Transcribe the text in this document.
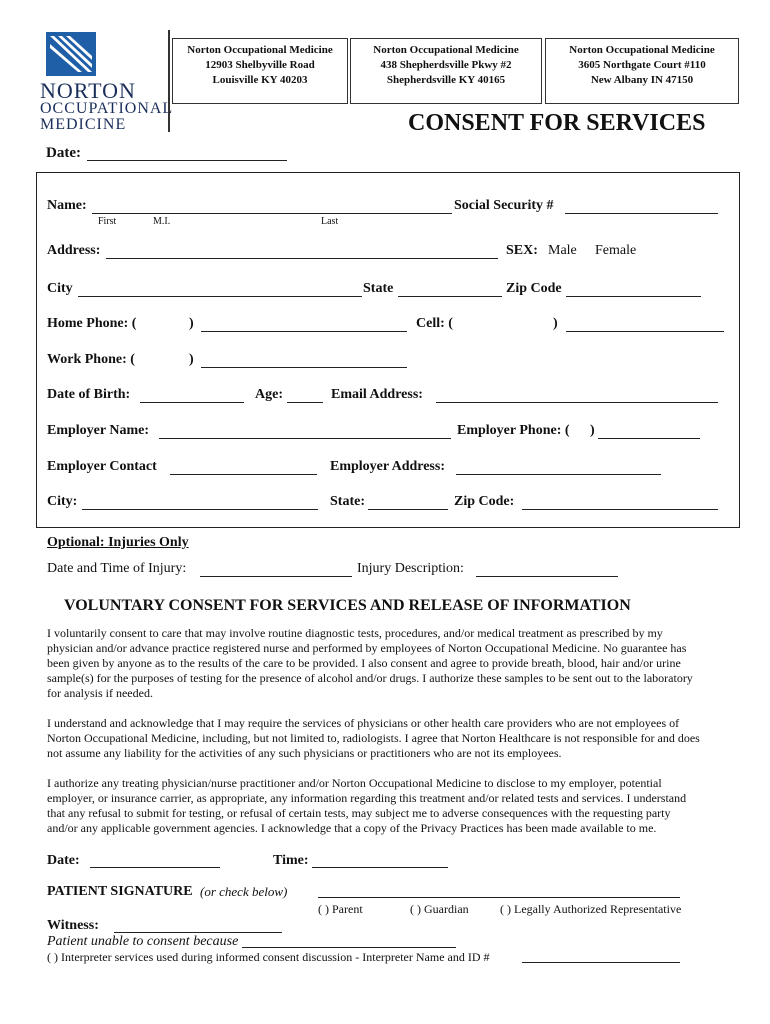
NORTON
OCCUPATIONAL
MEDICINE
Norton Occupational Medicine
12903 Shelbyville Road
Louisville KY 40203
Norton Occupational Medicine
438 Shepherdsville Pkwy #2
Shepherdsville KY 40165
Norton Occupational Medicine
3605 Northgate Court #110
New Albany IN 47150
CONSENT FOR SERVICES
Date:
Name:
First	M.I.	Last
Social Security #
Address:	SEX: Male Female
City	State	Zip Code
Home Phone: (	)	Cell: (	)
Work Phone: (	)
Date of Birth:	Age:	Email Address:
Employer Name:	Employer Phone: ( )
Employer Contact	Employer Address:
City:	State:	Zip Code:
Optional: Injuries Only
Date and Time of Injury:	Injury Description:
VOLUNTARY CONSENT FOR SERVICES AND RELEASE OF INFORMATION
I voluntarily consent to care that may involve routine diagnostic tests, procedures, and/or medical treatment as prescribed by my
physician and/or advance practice registered nurse and performed by employees of Norton Occupational Medicine. No guarantee has
been given by anyone as to the results of the care to be provided. I also consent and agree to provide breath, blood, hair and/or urine
sample(s) for the purposes of testing for the presence of alcohol and/or drugs. I authorize these samples to be sent out to the laboratory
for analysis if needed.
I understand and acknowledge that I may require the services of physicians or other health care providers who are not employees of
Norton Occupational Medicine, including, but not limited to, radiologists. I agree that Norton Healthcare is not responsible for and does
not assume any liability for the activities of any such physicians or practitioners who are not its employees.
I authorize any treating physician/nurse practitioner and/or Norton Occupational Medicine to disclose to my employer, potential
employer, or insurance carrier, as appropriate, any information regarding this treatment and/or related tests and services. I understand
that any refusal to submit for testing, or refusal of certain tests, may subject me to adverse consequences with the requesting party
and/or any applicable government agencies. I acknowledge that a copy of the Privacy Practices has been made available to me.
Date:	Time:
PATIENT SIGNATURE (or check below)
( ) Parent	( ) Guardian	( ) Legally Authorized Representative
Witness:
Patient unable to consent because
( ) Interpreter services used during informed consent discussion - Interpreter Name and ID #
